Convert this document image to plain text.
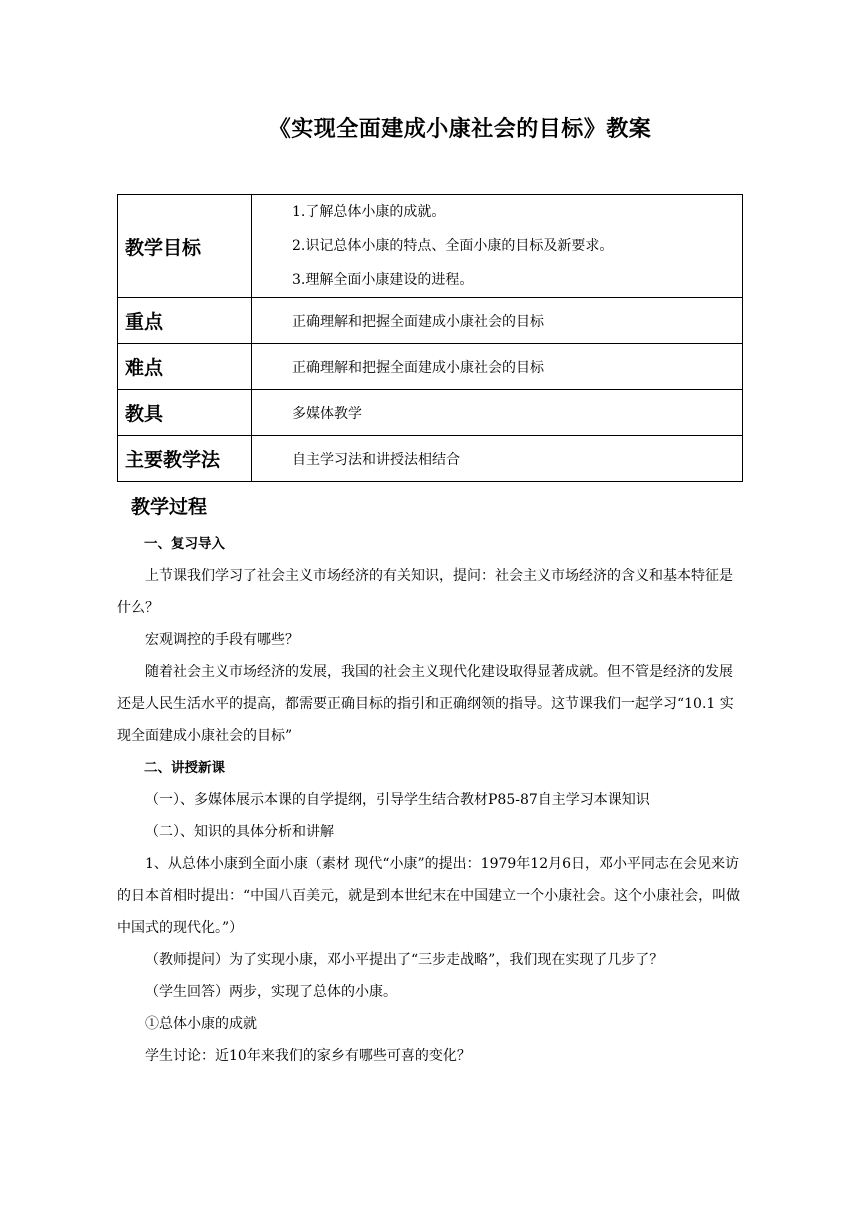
《实现全面建成小康社会的目标》教案
教学目标	1.了解总体小康的成就。
2.识记总体小康的特点、全面小康的目标及新要求。
3.理解全面小康建设的进程。

重点	正确理解和把握全面建成小康社会的目标
难点	正确理解和把握全面建成小康社会的目标
教具	多媒体教学
主要教学法	自主学习法和讲授法相结合
教学过程

一、复习导入

上节课我们学习了社会主义市场经济的有关知识，提问：社会主义市场经济的含义和基本特征是什么？

宏观调控的手段有哪些？

随着社会主义市场经济的发展，我国的社会主义现代化建设取得显著成就。但不管是经济的发展还是人民生活水平的提高，都需要正确目标的指引和正确纲领的指导。这节课我们一起学习“10.1 实现全面建成小康社会的目标”

二、讲授新课

（一）、多媒体展示本课的自学提纲，引导学生结合教材P85-87自主学习本课知识

（二）、知识的具体分析和讲解

1、从总体小康到全面小康（素材 现代“小康”的提出：1979年12月6日，邓小平同志在会见来访的日本首相时提出：“中国八百美元，就是到本世纪末在中国建立一个小康社会。这个小康社会，叫做中国式的现代化。”）

（教师提问）为了实现小康，邓小平提出了“三步走战略”，我们现在实现了几步了？

（学生回答）两步，实现了总体的小康。

①总体小康的成就

学生讨论：近10年来我们的家乡有哪些可喜的变化？
